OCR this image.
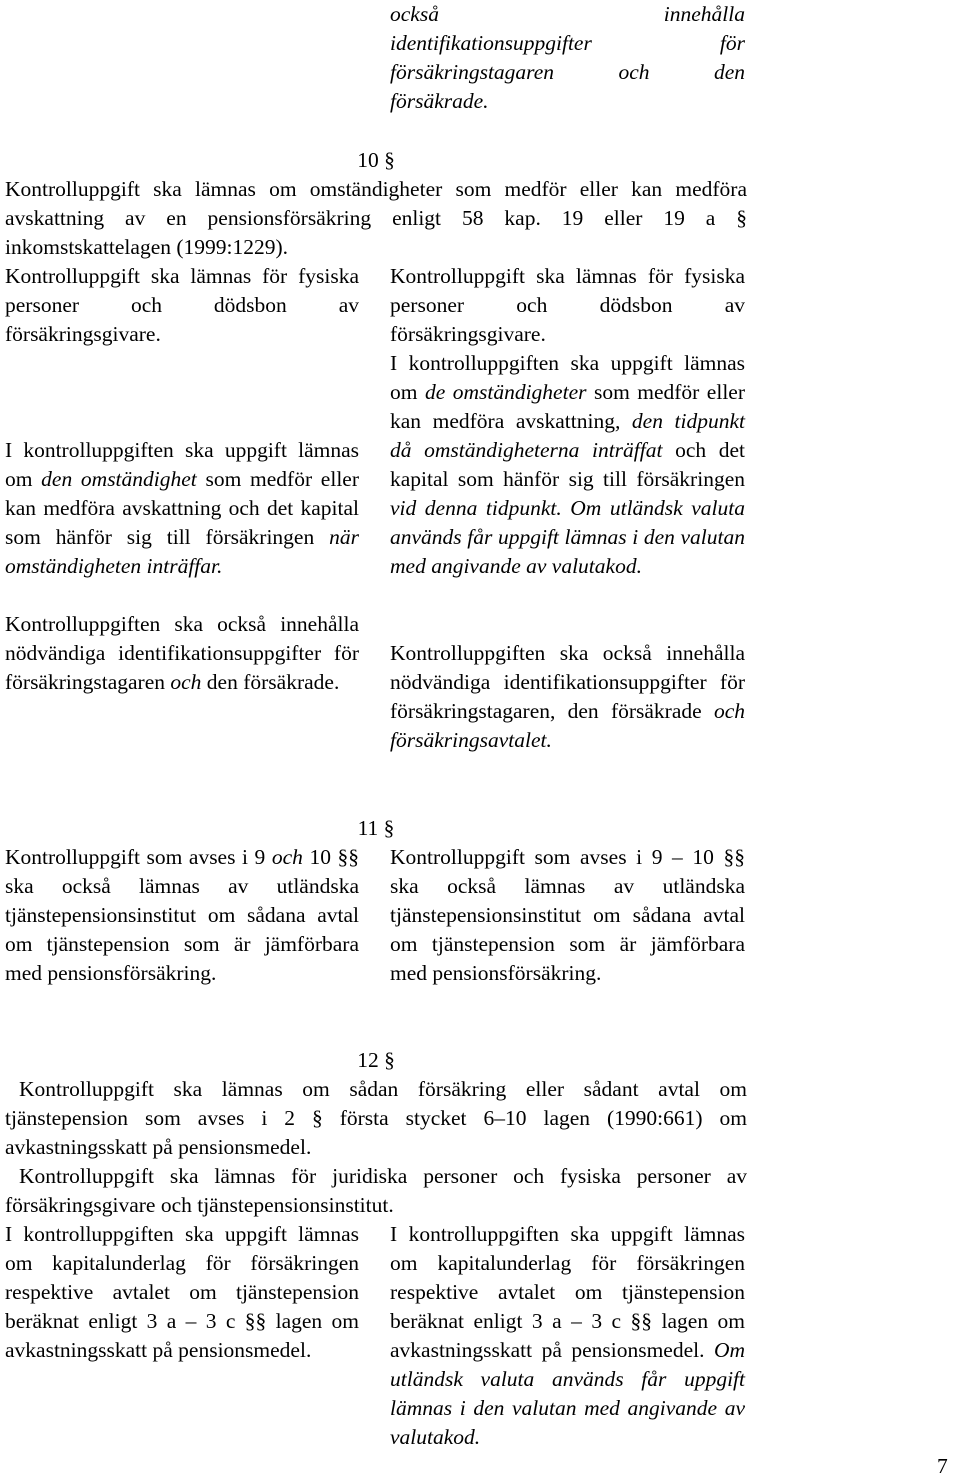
också innehålla
identifikationsuppgifter för
försäkringstagaren och den
försäkrade.
10 §
Kontrolluppgift ska lämnas om omständigheter som medför eller kan medföra avskattning av en pensionsförsäkring enligt 58 kap. 19 eller 19 a § inkomstskattelagen (1999:1229).
Kontrolluppgift ska lämnas för fysiska personer och dödsbon av försäkringsgivare.
Kontrolluppgift ska lämnas för fysiska personer och dödsbon av försäkringsgivare.
I kontrolluppgiften ska uppgift lämnas om den omständighet som medför eller kan medföra avskattning och det kapital som hänför sig till försäkringen när omständigheten inträffar.
Kontrolluppgiften ska också innehålla nödvändiga identifikationsuppgifter för försäkringstagaren och den försäkrade.
I kontrolluppgiften ska uppgift lämnas om de omständigheter som medför eller kan medföra avskattning, den tidpunkt då omständigheterna inträffat och det kapital som hänför sig till försäkringen vid denna tidpunkt. Om utländsk valuta används får uppgift lämnas i den valutan med angivande av valutakod.
Kontrolluppgiften ska också innehålla nödvändiga identifikationsuppgifter för försäkringstagaren, den försäkrade och försäkringsavtalet.
11 §
Kontrolluppgift som avses i 9 och 10 §§ ska också lämnas av utländska tjänstepensionsinstitut om sådana avtal om tjänstepension som är jämförbara med pensionsförsäkring.
Kontrolluppgift som avses i 9 – 10 §§ ska också lämnas av utländska tjänstepensionsinstitut om sådana avtal om tjänstepension som är jämförbara med pensionsförsäkring.
12 §
Kontrolluppgift ska lämnas om sådan försäkring eller sådant avtal om tjänstepension som avses i 2 § första stycket 6–10 lagen (1990:661) om avkastningsskatt på pensionsmedel.
Kontrolluppgift ska lämnas för juridiska personer och fysiska personer av försäkringsgivare och tjänstepensionsinstitut.
I kontrolluppgiften ska uppgift lämnas om kapitalunderlag för försäkringen respektive avtalet om tjänstepension beräknat enligt 3 a – 3 c §§ lagen om avkastningsskatt på pensionsmedel.
I kontrolluppgiften ska uppgift lämnas om kapitalunderlag för försäkringen respektive avtalet om tjänstepension beräknat enligt 3 a – 3 c §§ lagen om avkastningsskatt på pensionsmedel. Om utländsk valuta används får uppgift lämnas i den valutan med angivande av valutakod.
7
